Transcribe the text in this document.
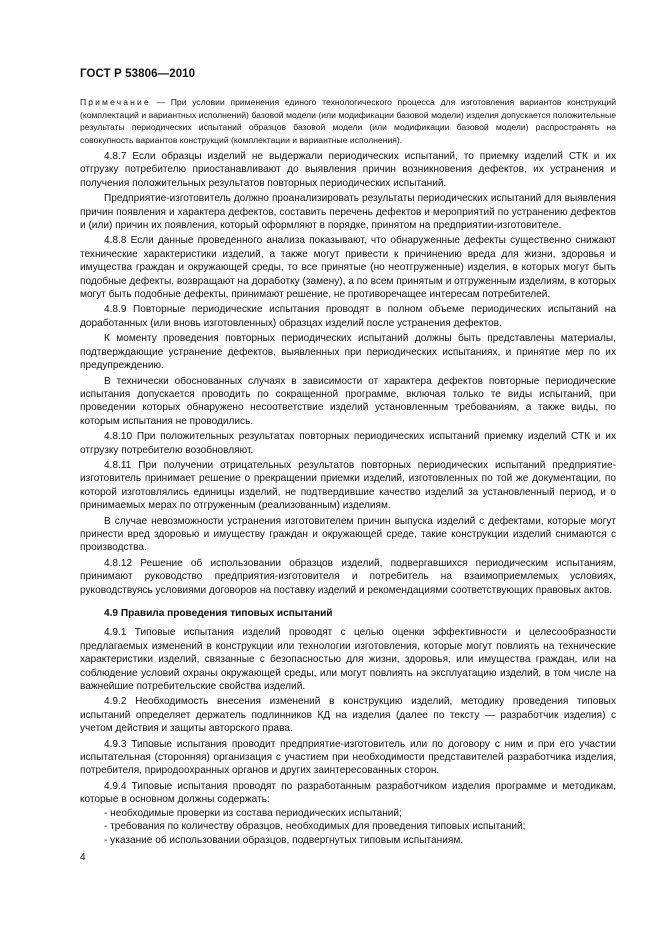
ГОСТ Р 53806—2010
Примечание — При условии применения единого технологического процесса для изготовления вариантов конструкций (комплектаций и вариантных исполнений) базовой модели (или модификации базовой модели) изделия допускается положительные результаты периодических испытаний образцов базовой модели (или модификации базовой модели) распространять на совокупность вариантов конструкций (комплектации и вариантные исполнения).

4.8.7 Если образцы изделий не выдержали периодических испытаний, то приемку изделий СТК и их отгрузку потребителю приостанавливают до выявления причин возникновения дефектов, их устранения и получения положительных результатов повторных периодических испытаний.

Предприятие-изготовитель должно проанализировать результаты периодических испытаний для выявления причин появления и характера дефектов, составить перечень дефектов и мероприятий по устранению дефектов и (или) причин их появления, который оформляют в порядке, принятом на предприятии-изготовителе.

4.8.8 Если данные проведенного анализа показывают, что обнаруженные дефекты существенно снижают технические характеристики изделий, а также могут привести к причинению вреда для жизни, здоровья и имущества граждан и окружающей среды, то все принятые (но неотгруженные) изделия, в которых могут быть подобные дефекты, возвращают на доработку (замену), а по всем принятым и отгруженным изделиям, в которых могут быть подобные дефекты, принимают решение, не противоречащее интересам потребителей.

4.8.9 Повторные периодические испытания проводят в полном объеме периодических испытаний на доработанных (или вновь изготовленных) образцах изделий после устранения дефектов.

К моменту проведения повторных периодических испытаний должны быть представлены материалы, подтверждающие устранение дефектов, выявленных при периодических испытаниях, и принятие мер по их предупреждению.

В технически обоснованных случаях в зависимости от характера дефектов повторные периодические испытания допускается проводить по сокращенной программе, включая только те виды испытаний, при проведении которых обнаружено несоответствие изделий установленным требованиям, а также виды, по которым испытания не проводились.

4.8.10 При положительных результатах повторных периодических испытаний приемку изделий СТК и их отгрузку потребителю возобновляют.

4.8.11 При получении отрицательных результатов повторных периодических испытаний предприятие-изготовитель принимает решение о прекращении приемки изделий, изготовленных по той же документации, по которой изготовлялись единицы изделий, не подтвердившие качество изделий за установленный период, и о принимаемых мерах по отгруженным (реализованным) изделиям.

В случае невозможности устранения изготовителем причин выпуска изделий с дефектами, которые могут принести вред здоровью и имуществу граждан и окружающей среде, такие конструкции изделий снимаются с производства.

4.8.12 Решение об использовании образцов изделий, подвергавшихся периодическим испытаниям, принимают руководство предприятия-изготовителя и потребитель на взаимоприемлемых условиях, руководствуясь условиями договоров на поставку изделий и рекомендациями соответствующих правовых актов.

4.9 Правила проведения типовых испытаний

4.9.1 Типовые испытания изделий проводят с целью оценки эффективности и целесообразности предлагаемых изменений в конструкции или технологии изготовления, которые могут повлиять на технические характеристики изделий, связанные с безопасностью для жизни, здоровья, или имущества граждан, или на соблюдение условий охраны окружающей среды, или могут повлиять на эксплуатацию изделий, в том числе на важнейшие потребительские свойства изделий.

4.9.2 Необходимость внесения изменений в конструкцию изделий, методику проведения типовых испытаний определяет держатель подлинников КД на изделия (далее по тексту — разработчик изделия) с учетом действия и защиты авторского права.

4.9.3 Типовые испытания проводит предприятие-изготовитель или по договору с ним и при его участии испытательная (сторонняя) организация с участием при необходимости представителей разработчика изделия, потребителя, природоохранных органов и других заинтересованных сторон.

4.9.4 Типовые испытания проводят по разработанным разработчиком изделия программе и методикам, которые в основном должны содержать:

- необходимые проверки из состава периодических испытаний;
- требования по количеству образцов, необходимых для проведения типовых испытаний;
- указание об использовании образцов, подвергнутых типовым испытаниям.
4
